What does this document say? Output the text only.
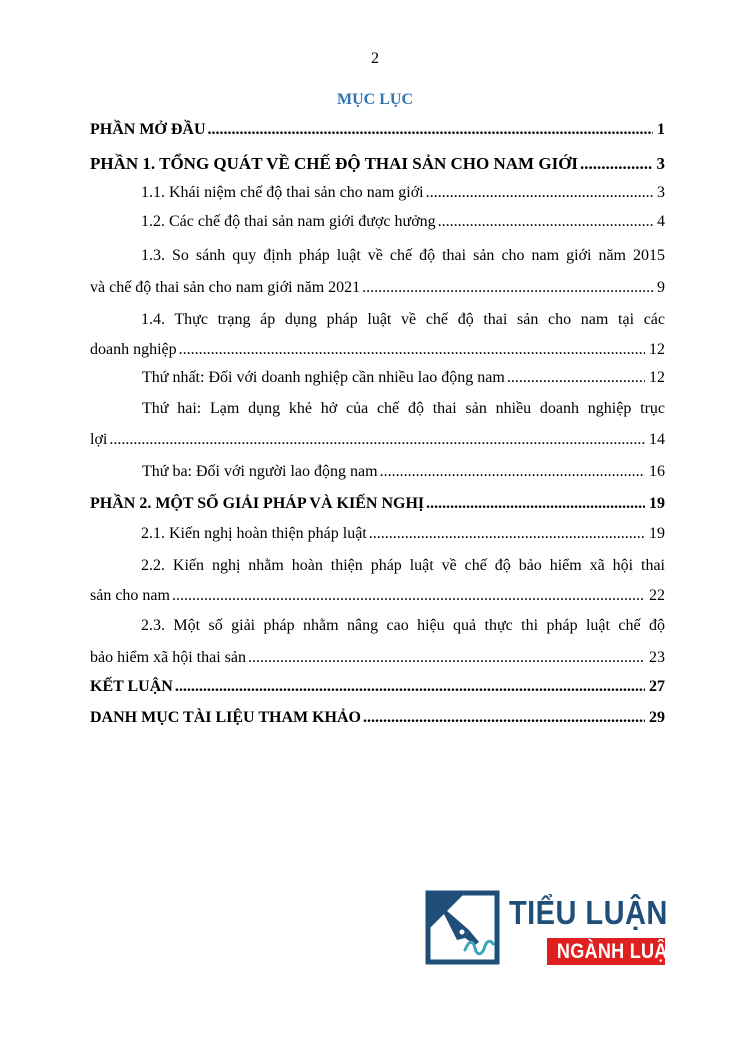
2
MỤC LỤC
PHẦN MỞ ĐẦU .....	1
PHẦN 1. TỔNG QUÁT VỀ CHẾ ĐỘ THAI SẢN CHO NAM GIỚI .....	3
1.1. Khái niệm chế độ thai sản cho nam giới .....	3
1.2. Các chế độ thai sản nam giới được hưởng .....	4
1.3. So sánh quy định pháp luật về chế độ thai sản cho nam giới năm 2015
và chế độ thai sản cho nam giới năm 2021 .....	9
1.4. Thực trạng áp dụng pháp luật về chế độ thai sản cho nam tại các
doanh nghiệp .....	12
Thứ nhất: Đối với doanh nghiệp cần nhiều lao động nam .....	12
Thứ hai: Lạm dụng khẻ hở của chế độ thai sản nhiều doanh nghiệp trục
lợi .....	14
Thứ ba: Đối với người lao động nam .....	16
PHẦN 2. MỘT SỐ GIẢI PHÁP VÀ KIẾN NGHỊ .....	19
2.1. Kiến nghị hoàn thiện pháp luật .....	19
2.2. Kiến nghị nhằm hoàn thiện pháp luật về chế độ bảo hiểm xã hội thai
sản cho nam .....	22
2.3. Một số giải pháp nhằm nâng cao hiệu quả thực thi pháp luật chế độ
bảo hiểm xã hội thai sản .....	23
KẾT LUẬN .....	27
DANH MỤC TÀI LIỆU THAM KHẢO .....	29
TIỂU LUẬN
NGÀNH LUẬT
